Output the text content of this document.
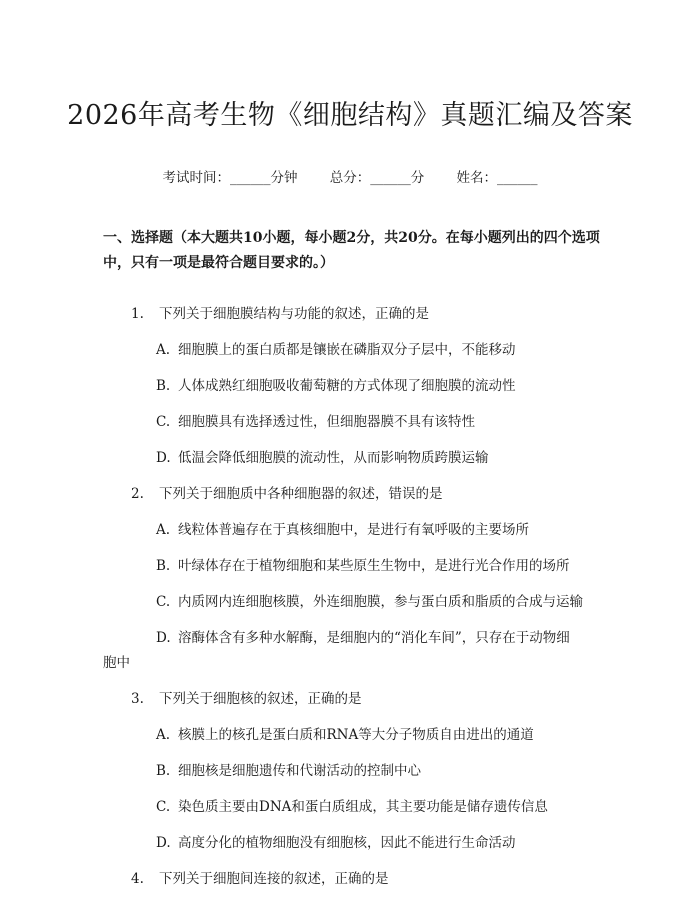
2026年高考生物《细胞结构》真题汇编及答案
考试时间：______分钟 总分：______分 姓名：______
一、选择题（本大题共10小题，每小题2分，共20分。在每小题列出的四个选项中，只有一项是最符合题目要求的。）
1. 下列关于细胞膜结构与功能的叙述，正确的是
A. 细胞膜上的蛋白质都是镶嵌在磷脂双分子层中，不能移动
B. 人体成熟红细胞吸收葡萄糖的方式体现了细胞膜的流动性
C. 细胞膜具有选择透过性，但细胞器膜不具有该特性
D. 低温会降低细胞膜的流动性，从而影响物质跨膜运输
2. 下列关于细胞质中各种细胞器的叙述，错误的是
A. 线粒体普遍存在于真核细胞中，是进行有氧呼吸的主要场所
B. 叶绿体存在于植物细胞和某些原生生物中，是进行光合作用的场所
C. 内质网内连细胞核膜，外连细胞膜，参与蛋白质和脂质的合成与运输
D. 溶酶体含有多种水解酶，是细胞内的“消化车间”，只存在于动物细
胞中
3. 下列关于细胞核的叙述，正确的是
A. 核膜上的核孔是蛋白质和RNA等大分子物质自由进出的通道
B. 细胞核是细胞遗传和代谢活动的控制中心
C. 染色质主要由DNA和蛋白质组成，其主要功能是储存遗传信息
D. 高度分化的植物细胞没有细胞核，因此不能进行生命活动
4. 下列关于细胞间连接的叙述，正确的是
